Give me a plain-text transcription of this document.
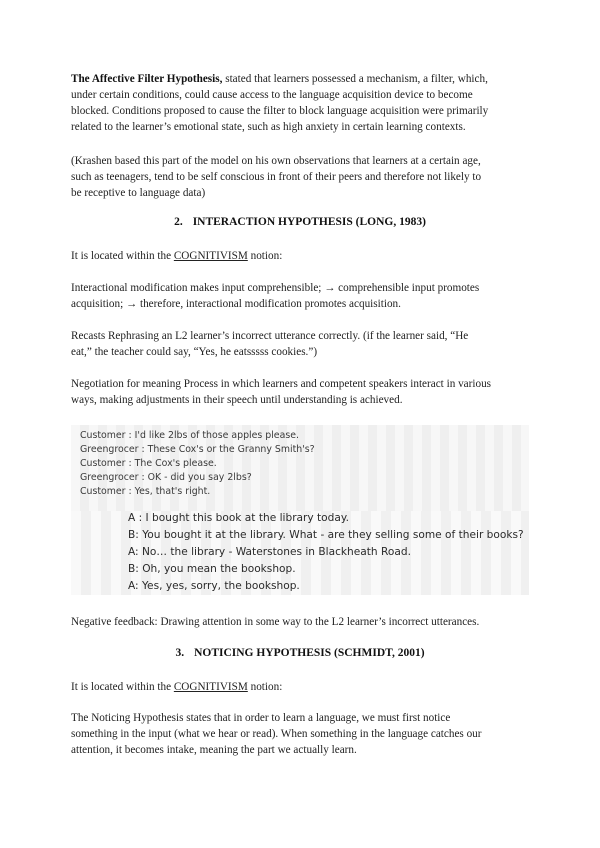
The Affective Filter Hypothesis, stated that learners possessed a mechanism, a filter, which,
under certain conditions, could cause access to the language acquisition device to become
blocked. Conditions proposed to cause the filter to block language acquisition were primarily
related to the learner’s emotional state, such as high anxiety in certain learning contexts.
(Krashen based this part of the model on his own observations that learners at a certain age,
such as teenagers, tend to be self conscious in front of their peers and therefore not likely to
be receptive to language data)
2. INTERACTION HYPOTHESIS (LONG, 1983)
It is located within the COGNITIVISM notion:
Interactional modification makes input comprehensible; → comprehensible input promotes
acquisition; → therefore, interactional modification promotes acquisition.
Recasts Rephrasing an L2 learner’s incorrect utterance correctly. (if the learner said, “He
eat,” the teacher could say, “Yes, he eatsssss cookies.”)
Negotiation for meaning Process in which learners and competent speakers interact in various
ways, making adjustments in their speech until understanding is achieved.
Customer : I'd like 2lbs of those apples please.
Greengrocer : These Cox's or the Granny Smith's?
Customer : The Cox's please.
Greengrocer : OK - did you say 2lbs?
Customer : Yes, that's right.
A : I bought this book at the library today.
B: You bought it at the library. What - are they selling some of their books?
A: No… the library - Waterstones in Blackheath Road.
B: Oh, you mean the bookshop.
A: Yes, yes, sorry, the bookshop.
Negative feedback: Drawing attention in some way to the L2 learner’s incorrect utterances.
3. NOTICING HYPOTHESIS (SCHMIDT, 2001)
It is located within the COGNITIVISM notion:
The Noticing Hypothesis states that in order to learn a language, we must first notice
something in the input (what we hear or read). When something in the language catches our
attention, it becomes intake, meaning the part we actually learn.
